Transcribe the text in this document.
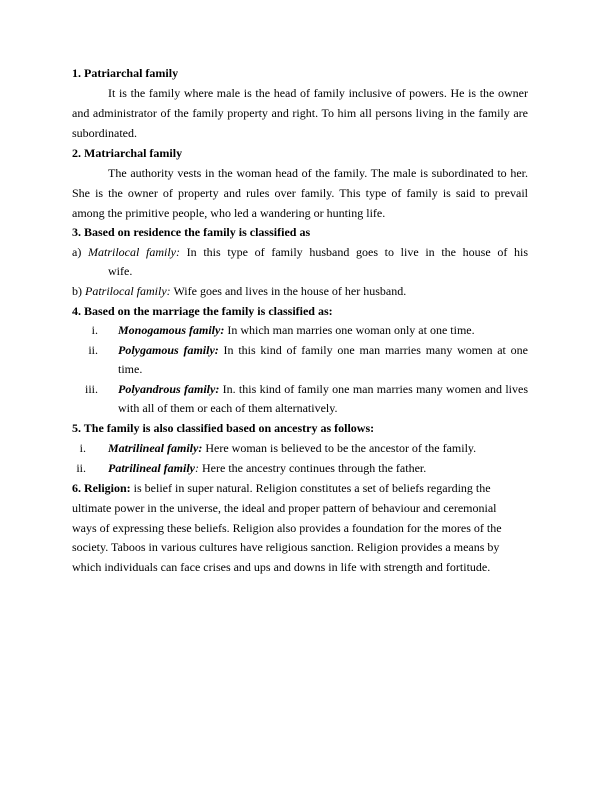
1. Patriarchal family
It is the family where male is the head of family inclusive of powers. He is the owner
and administrator of the family property and right. To him all persons living in the family are
subordinated.
2. Matriarchal family
The authority vests in the woman head of the family. The male is subordinated to her.
She is the owner of property and rules over family. This type of family is said to prevail
among the primitive people, who led a wandering or hunting life.
3. Based on residence the family is classified as
a) Matrilocal family: In this type of family husband goes to live in the house of his
wife.
b) Patrilocal family: Wife goes and lives in the house of her husband.
4. Based on the marriage the family is classified as:
i. Monogamous family: In which man marries one woman only at one time.
ii. Polygamous family: In this kind of family one man marries many women at one
time.
iii. Polyandrous family: In. this kind of family one man marries many women and lives
with all of them or each of them alternatively.
5. The family is also classified based on ancestry as follows:
i. Matrilineal family: Here woman is believed to be the ancestor of the family.
ii. Patrilineal family: Here the ancestry continues through the father.
6. Religion: is belief in super natural. Religion constitutes a set of beliefs regarding the
ultimate power in the universe, the ideal and proper pattern of behaviour and ceremonial
ways of expressing these beliefs. Religion also provides a foundation for the mores of the
society. Taboos in various cultures have religious sanction. Religion provides a means by
which individuals can face crises and ups and downs in life with strength and fortitude.
